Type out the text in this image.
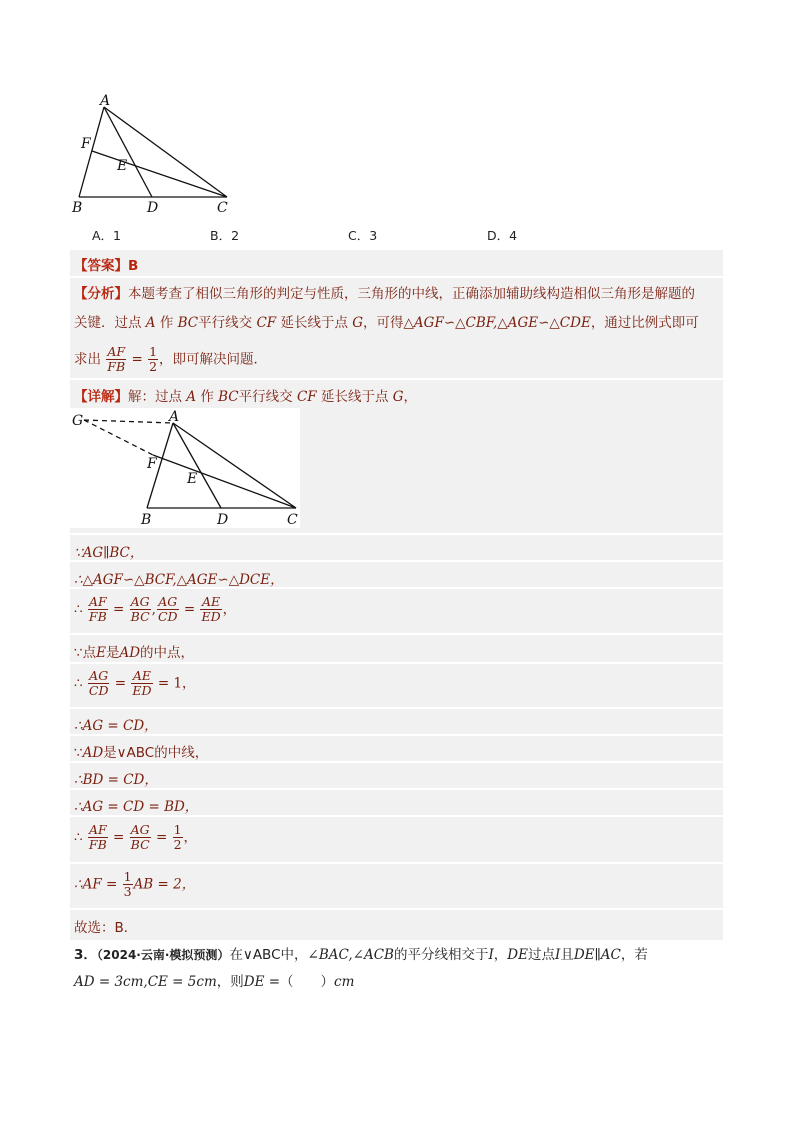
A
F
E
B	D	C
A．1	B．2	C．3	D．4
【答案】B
【分析】本题考查了相似三角形的判定与性质，三角形的中线，正确添加辅助线构造相似三角形是解题的
关键．过点 A 作 BC平行线交 CF 延长线于点 G，可得△AGF∽△CBF,△AGE∽△CDE，通过比例式即可
求出 $\frac{AF}{FB} = \frac{1}{2}$ ，即可解决问题．
【详解】解：过点 A 作 BC平行线交 CF 延长线于点 G，
G	A
F
E
B	D	C
∵AG∥BC，
∴△AGF∽△BCF,△AGE∽△DCE，
∴ $\frac{AF}{FB} = \frac{AG}{BC}$ , $\frac{AG}{CD} = \frac{AE}{ED}$ ，
∵点E是AD的中点，
∴ $\frac{AG}{CD} = \frac{AE}{ED} = 1$，
∴AG = CD，
∵AD是∨ABC的中线，
∴BD = CD，
∴AG = CD = BD，
∴ $\frac{AF}{FB} = \frac{AG}{BC} = \frac{1}{2}$ ，
∴AF = $\frac{1}{3}$ AB = 2，
故选：B．
3．（2024·云南·模拟预测）在∨ABC中，∠BAC,∠ACB的平分线相交于I，DE过点I且DE∥AC，若
AD = 3cm,CE = 5cm，则DE =（　　）cm
